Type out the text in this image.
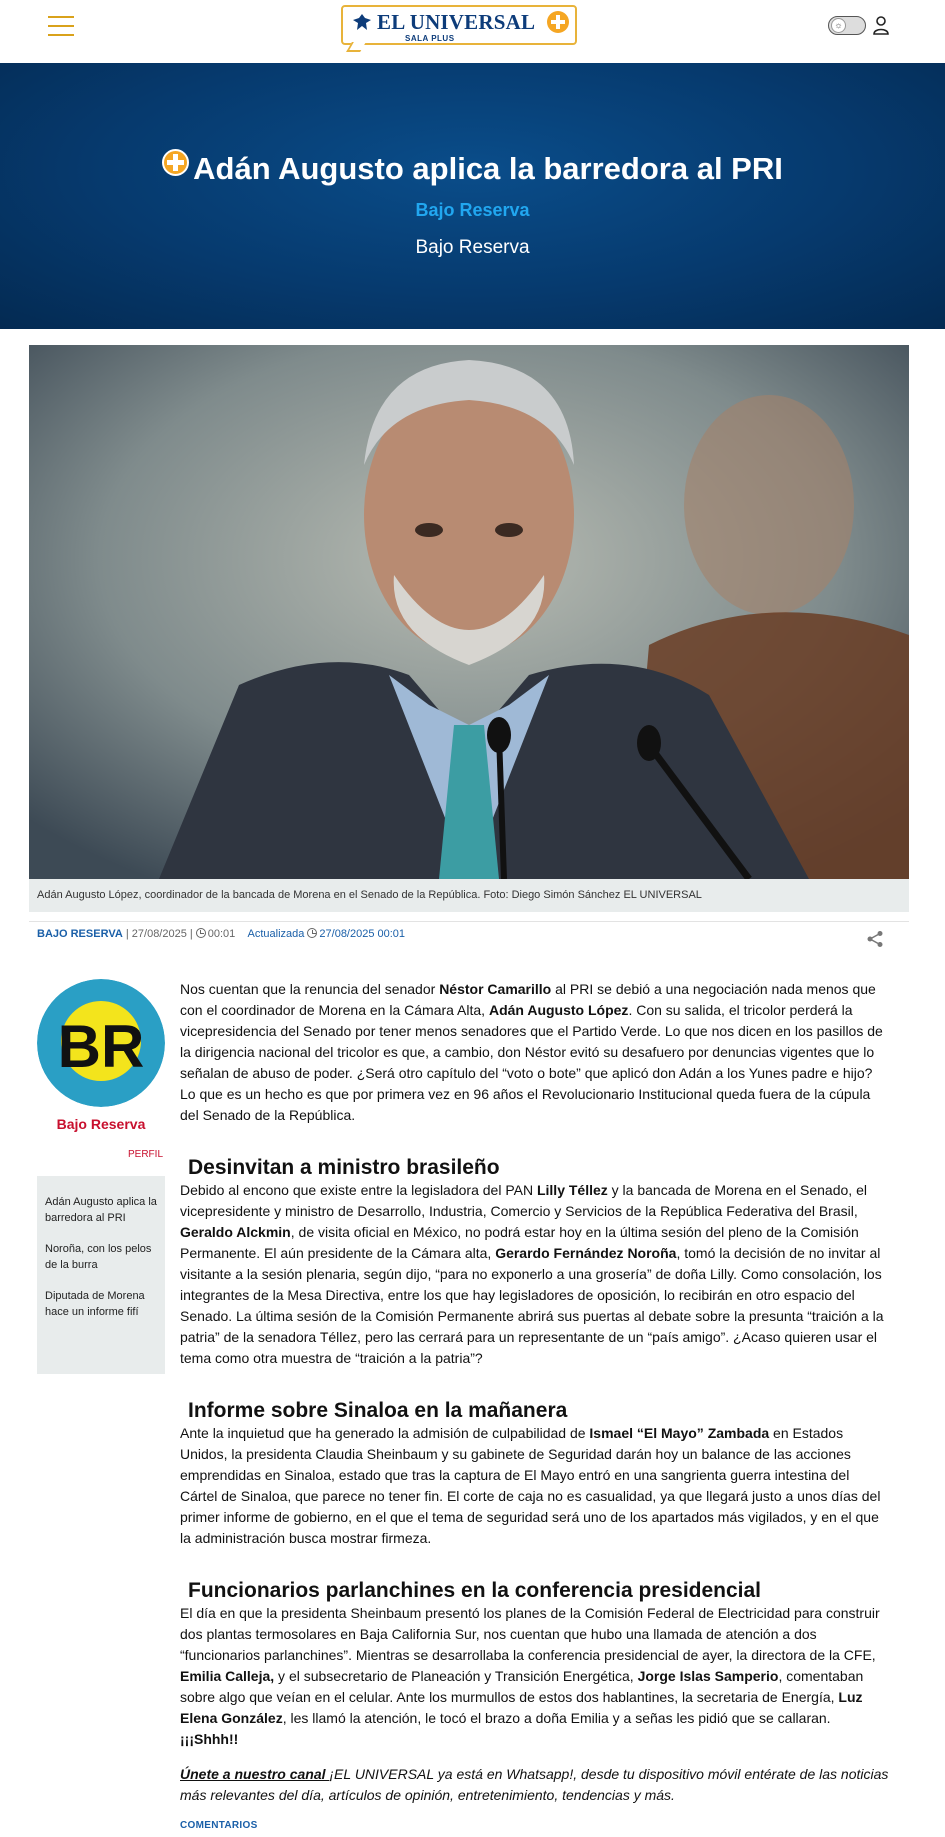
EL UNIVERSAL
SALA PLUS
☼
Adán Augusto aplica la barredora al PRI
Bajo Reserva
Bajo Reserva
Adán Augusto López, coordinador de la bancada de Morena en el Senado de la República. Foto: Diego Simón Sánchez EL UNIVERSAL
BAJO RESERVA | 27/08/2025 | 00:01 Actualizada 27/08/2025 00:01
BR
Bajo Reserva
PERFIL
Adán Augusto aplica la barredora al PRI
Noroña, con los pelos de la burra
Diputada de Morena hace un informe fifí

Nos cuentan que la renuncia del senador Néstor Camarillo al PRI se debió a una negociación nada menos que con el coordinador de Morena en la Cámara Alta, Adán Augusto López. Con su salida, el tricolor perderá la vicepresidencia del Senado por tener menos senadores que el Partido Verde. Lo que nos dicen en los pasillos de la dirigencia nacional del tricolor es que, a cambio, don Néstor evitó su desafuero por denuncias vigentes que lo señalan de abuso de poder. ¿Será otro capítulo del “voto o bote” que aplicó don Adán a los Yunes padre e hijo? Lo que es un hecho es que por primera vez en 96 años el Revolucionario Institucional queda fuera de la cúpula del Senado de la República.

Desinvitan a ministro brasileño

Debido al encono que existe entre la legisladora del PAN Lilly Téllez y la bancada de Morena en el Senado, el vicepresidente y ministro de Desarrollo, Industria, Comercio y Servicios de la República Federativa del Brasil, Geraldo Alckmin, de visita oficial en México, no podrá estar hoy en la última sesión del pleno de la Comisión Permanente. El aún presidente de la Cámara alta, Gerardo Fernández Noroña, tomó la decisión de no invitar al visitante a la sesión plenaria, según dijo, “para no exponerlo a una grosería” de doña Lilly. Como consolación, los integrantes de la Mesa Directiva, entre los que hay legisladores de oposición, lo recibirán en otro espacio del Senado. La última sesión de la Comisión Permanente abrirá sus puertas al debate sobre la presunta “traición a la patria” de la senadora Téllez, pero las cerrará para un representante de un “país amigo”. ¿Acaso quieren usar el tema como otra muestra de “traición a la patria”?

Informe sobre Sinaloa en la mañanera

Ante la inquietud que ha generado la admisión de culpabilidad de Ismael “El Mayo” Zambada en Estados Unidos, la presidenta Claudia Sheinbaum y su gabinete de Seguridad darán hoy un balance de las acciones emprendidas en Sinaloa, estado que tras la captura de El Mayo entró en una sangrienta guerra intestina del Cártel de Sinaloa, que parece no tener fin. El corte de caja no es casualidad, ya que llegará justo a unos días del primer informe de gobierno, en el que el tema de seguridad será uno de los apartados más vigilados, y en el que la administración busca mostrar firmeza.

Funcionarios parlanchines en la conferencia presidencial

El día en que la presidenta Sheinbaum presentó los planes de la Comisión Federal de Electricidad para construir dos plantas termosolares en Baja California Sur, nos cuentan que hubo una llamada de atención a dos “funcionarios parlanchines”. Mientras se desarrollaba la conferencia presidencial de ayer, la directora de la CFE, Emilia Calleja, y el subsecretario de Planeación y Transición Energética, Jorge Islas Samperio, comentaban sobre algo que veían en el celular. Ante los murmullos de estos dos hablantines, la secretaria de Energía, Luz Elena González, les llamó la atención, le tocó el brazo a doña Emilia y a señas les pidió que se callaran. ¡¡¡Shhh!!

Únete a nuestro canal ¡EL UNIVERSAL ya está en Whatsapp!, desde tu dispositivo móvil entérate de las noticias más relevantes del día, artículos de opinión, entretenimiento, tendencias y más.

COMENTARIOS
